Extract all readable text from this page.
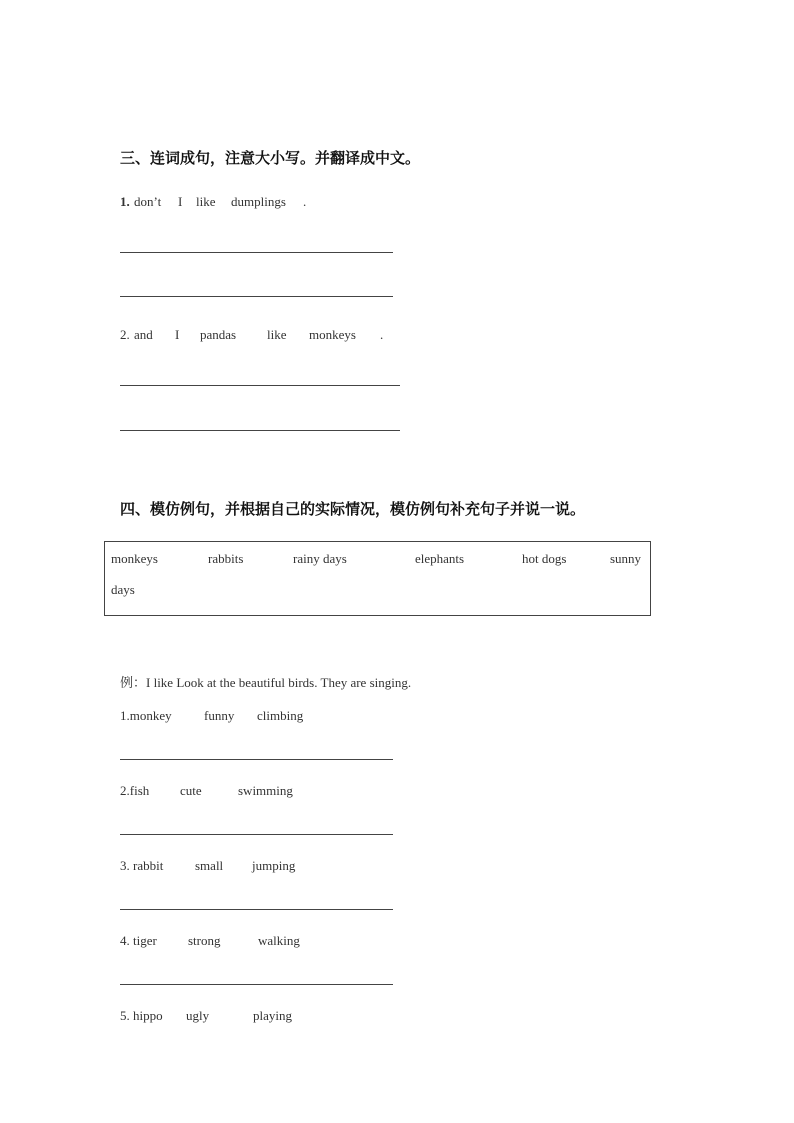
三、连词成句，注意大小写。并翻译成中文。
1. don’t I like dumplings .
2. and I pandas like monkeys .
四、模仿例句，并根据自己的实际情况，模仿例句补充句子并说一说。
monkeys	rabbits	rainy days	elephants	hot dogs	sunny
days
例：I like Look at the beautiful birds. They are singing.
1.monkey funny climbing
2.fish cute	swimming
3. rabbit small jumping
4. tiger strong	walking
5. hippo ugly	playing
